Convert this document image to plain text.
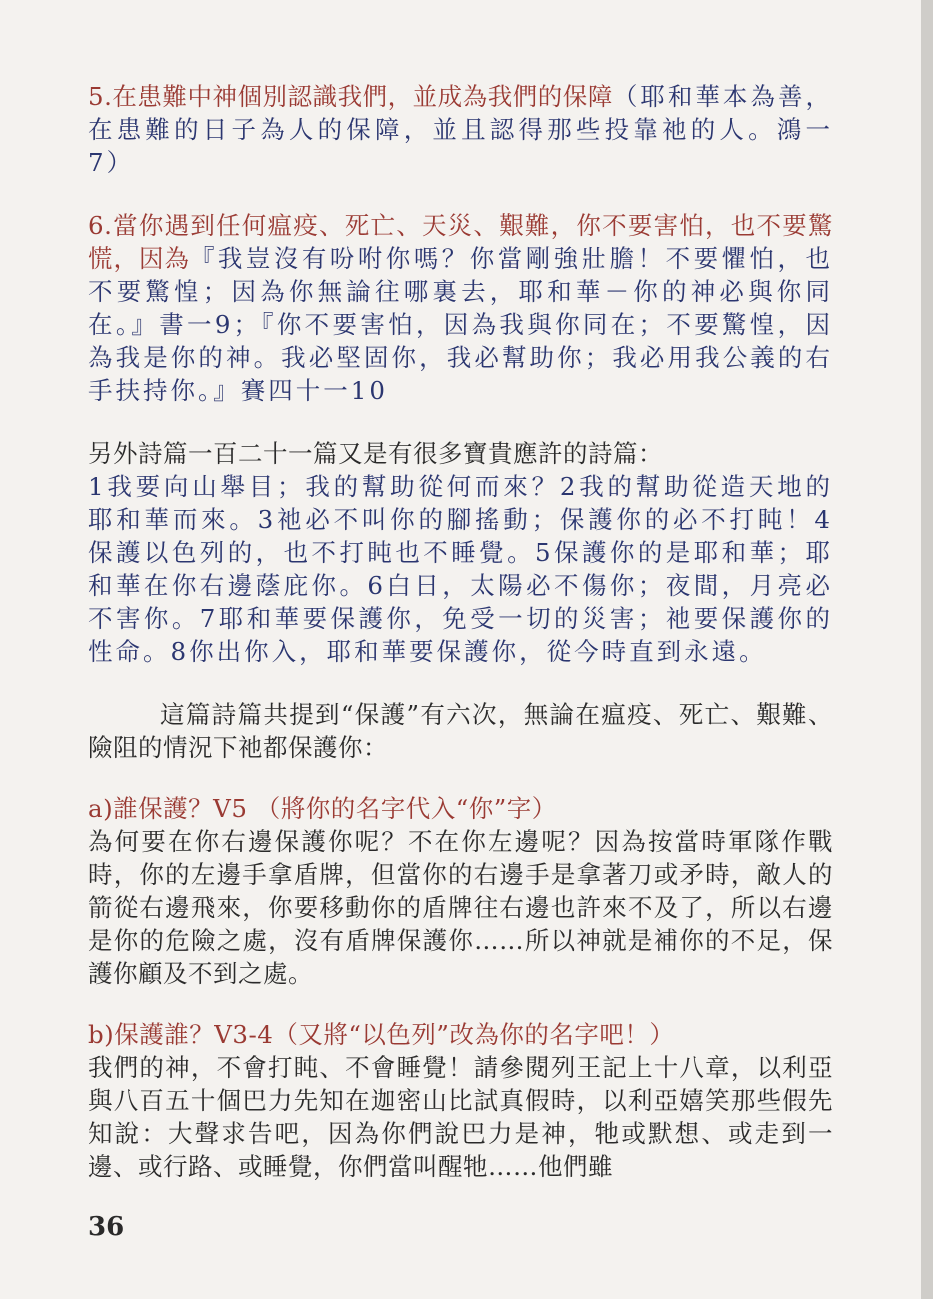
5.在患難中神個別認識我們，並成為我們的保障（耶和華本為善，在患難的日子為人的保障，並且認得那些投靠祂的人。鴻一7）

6.當你遇到任何瘟疫、死亡、天災、艱難，你不要害怕，也不要驚慌，因為『我豈沒有吩咐你嗎？你當剛強壯膽！不要懼怕，也不要驚惶；因為你無論往哪裏去，耶和華－你的神必與你同在。』書一9；『你不要害怕，因為我與你同在；不要驚惶，因為我是你的神。我必堅固你，我必幫助你；我必用我公義的右手扶持你。』賽四十一10

另外詩篇一百二十一篇又是有很多寶貴應許的詩篇：

1我要向山舉目；我的幫助從何而來？2我的幫助從造天地的耶和華而來。3祂必不叫你的腳搖動；保護你的必不打盹！4保護以色列的，也不打盹也不睡覺。5保護你的是耶和華；耶和華在你右邊蔭庇你。6白日，太陽必不傷你；夜間，月亮必不害你。7耶和華要保護你，免受一切的災害；祂要保護你的性命。8你出你入，耶和華要保護你，從今時直到永遠。

這篇詩篇共提到“保護”有六次，無論在瘟疫、死亡、艱難、險阻的情況下祂都保護你：

a)誰保護？V5 （將你的名字代入“你”字）

為何要在你右邊保護你呢？不在你左邊呢？因為按當時軍隊作戰時，你的左邊手拿盾牌，但當你的右邊手是拿著刀或矛時，敵人的箭從右邊飛來，你要移動你的盾牌往右邊也許來不及了，所以右邊是你的危險之處，沒有盾牌保護你……所以神就是補你的不足，保護你顧及不到之處。

b)保護誰？V3-4（又將“以色列”改為你的名字吧！）

我們的神，不會打盹、不會睡覺！請參閱列王記上十八章，以利亞與八百五十個巴力先知在迦密山比試真假時，以利亞嬉笑那些假先知說：大聲求告吧，因為你們說巴力是神，牠或默想、或走到一邊、或行路、或睡覺，你們當叫醒牠……他們雖

36
